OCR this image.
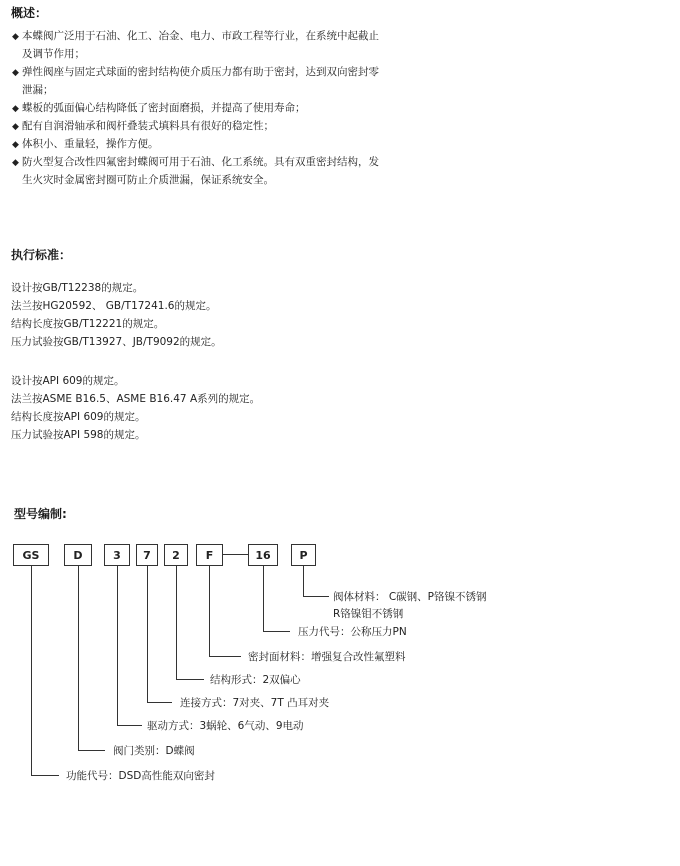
概述：
◆ 本蝶阀广泛用于石油、化工、冶金、电力、市政工程等行业，在系统中起截止
及调节作用；
◆ 弹性阀座与固定式球面的密封结构使介质压力都有助于密封，达到双向密封零
泄漏；
◆ 蝶板的弧面偏心结构降低了密封面磨损，并提高了使用寿命；
◆ 配有自润滑轴承和阀杆叠装式填料具有很好的稳定性；
◆ 体积小、重量轻，操作方便。
◆ 防火型复合改性四氟密封蝶阀可用于石油、化工系统。具有双重密封结构，发
生火灾时金属密封圈可防止介质泄漏，保证系统安全。
执行标准：
设计按GB/T12238的规定。
法兰按HG20592、 GB/T17241.6的规定。
结构长度按GB/T12221的规定。
压力试验按GB/T13927、JB/T9092的规定。
设计按API 609的规定。
法兰按ASME B16.5、ASME B16.47 A系列的规定。
结构长度按API 609的规定。
压力试验按API 598的规定。
型号编制:
GS	D	3	7	2	F	16	P
阀体材料： C碳钢、P铬镍不锈钢
R铬镍钼不锈钢
压力代号：公称压力PN
密封面材料：增强复合改性氟塑料
结构形式：2双偏心
连接方式：7对夹、7T 凸耳对夹
驱动方式：3蜗轮、6气动、9电动
阀门类别：D蝶阀
功能代号：DSD高性能双向密封
